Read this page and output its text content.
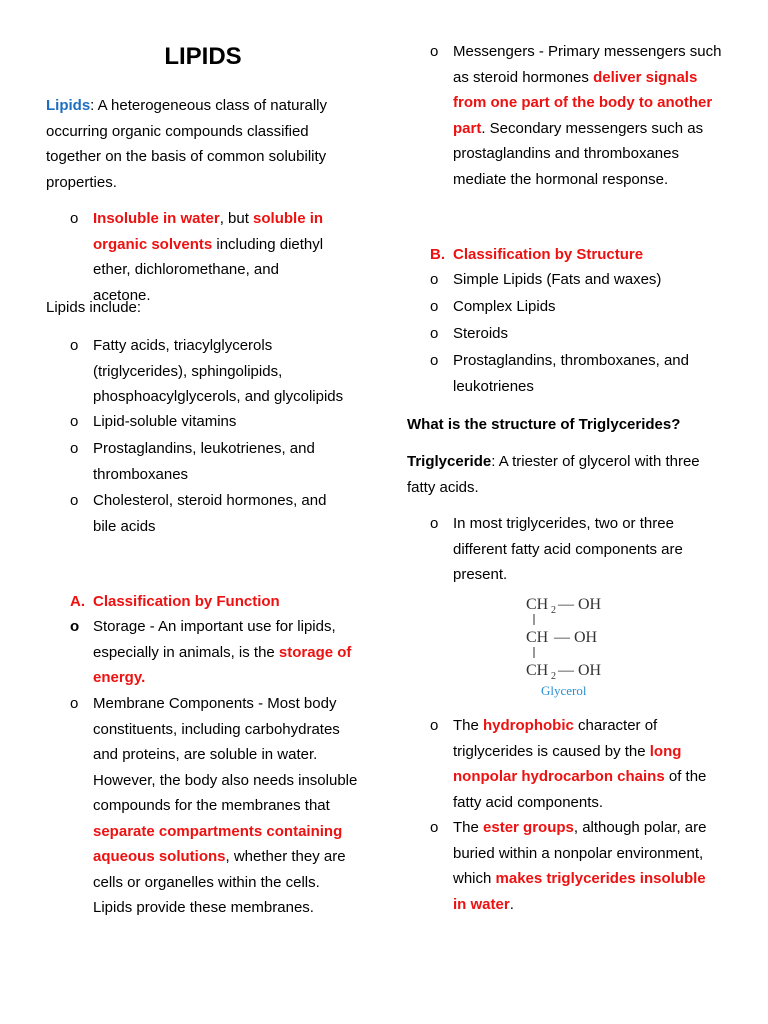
LIPIDS
Lipids: A heterogeneous class of naturally occurring organic compounds classified together on the basis of common solubility properties.
o Insoluble in water, but soluble in organic solvents including diethyl ether, dichloromethane, and acetone.
Lipids include:
o Fatty acids, triacylglycerols (triglycerides), sphingolipids, phosphoacylglycerols, and glycolipids
o Lipid-soluble vitamins
o Prostaglandins, leukotrienes, and thromboxanes
o Cholesterol, steroid hormones, and bile acids
A. Classification by Function
o Storage - An important use for lipids, especially in animals, is the storage of energy.
o Membrane Components - Most body constituents, including carbohydrates and proteins, are soluble in water. However, the body also needs insoluble compounds for the membranes that separate compartments containing aqueous solutions, whether they are cells or organelles within the cells. Lipids provide these membranes.
o Messengers - Primary messengers such as steroid hormones deliver signals from one part of the body to another part. Secondary messengers such as prostaglandins and thromboxanes mediate the hormonal response.
B. Classification by Structure
o Simple Lipids (Fats and waxes)
o Complex Lipids
o Steroids
o Prostaglandins, thromboxanes, and leukotrienes
What is the structure of Triglycerides?
Triglyceride: A triester of glycerol with three fatty acids.
o In most triglycerides, two or three different fatty acid components are present.
CH 2 — OH
CH — OH
CH 2 — OH
Glycerol
o The hydrophobic character of triglycerides is caused by the long nonpolar hydrocarbon chains of the fatty acid components.
o The ester groups, although polar, are buried within a nonpolar environment, which makes triglycerides insoluble in water.
